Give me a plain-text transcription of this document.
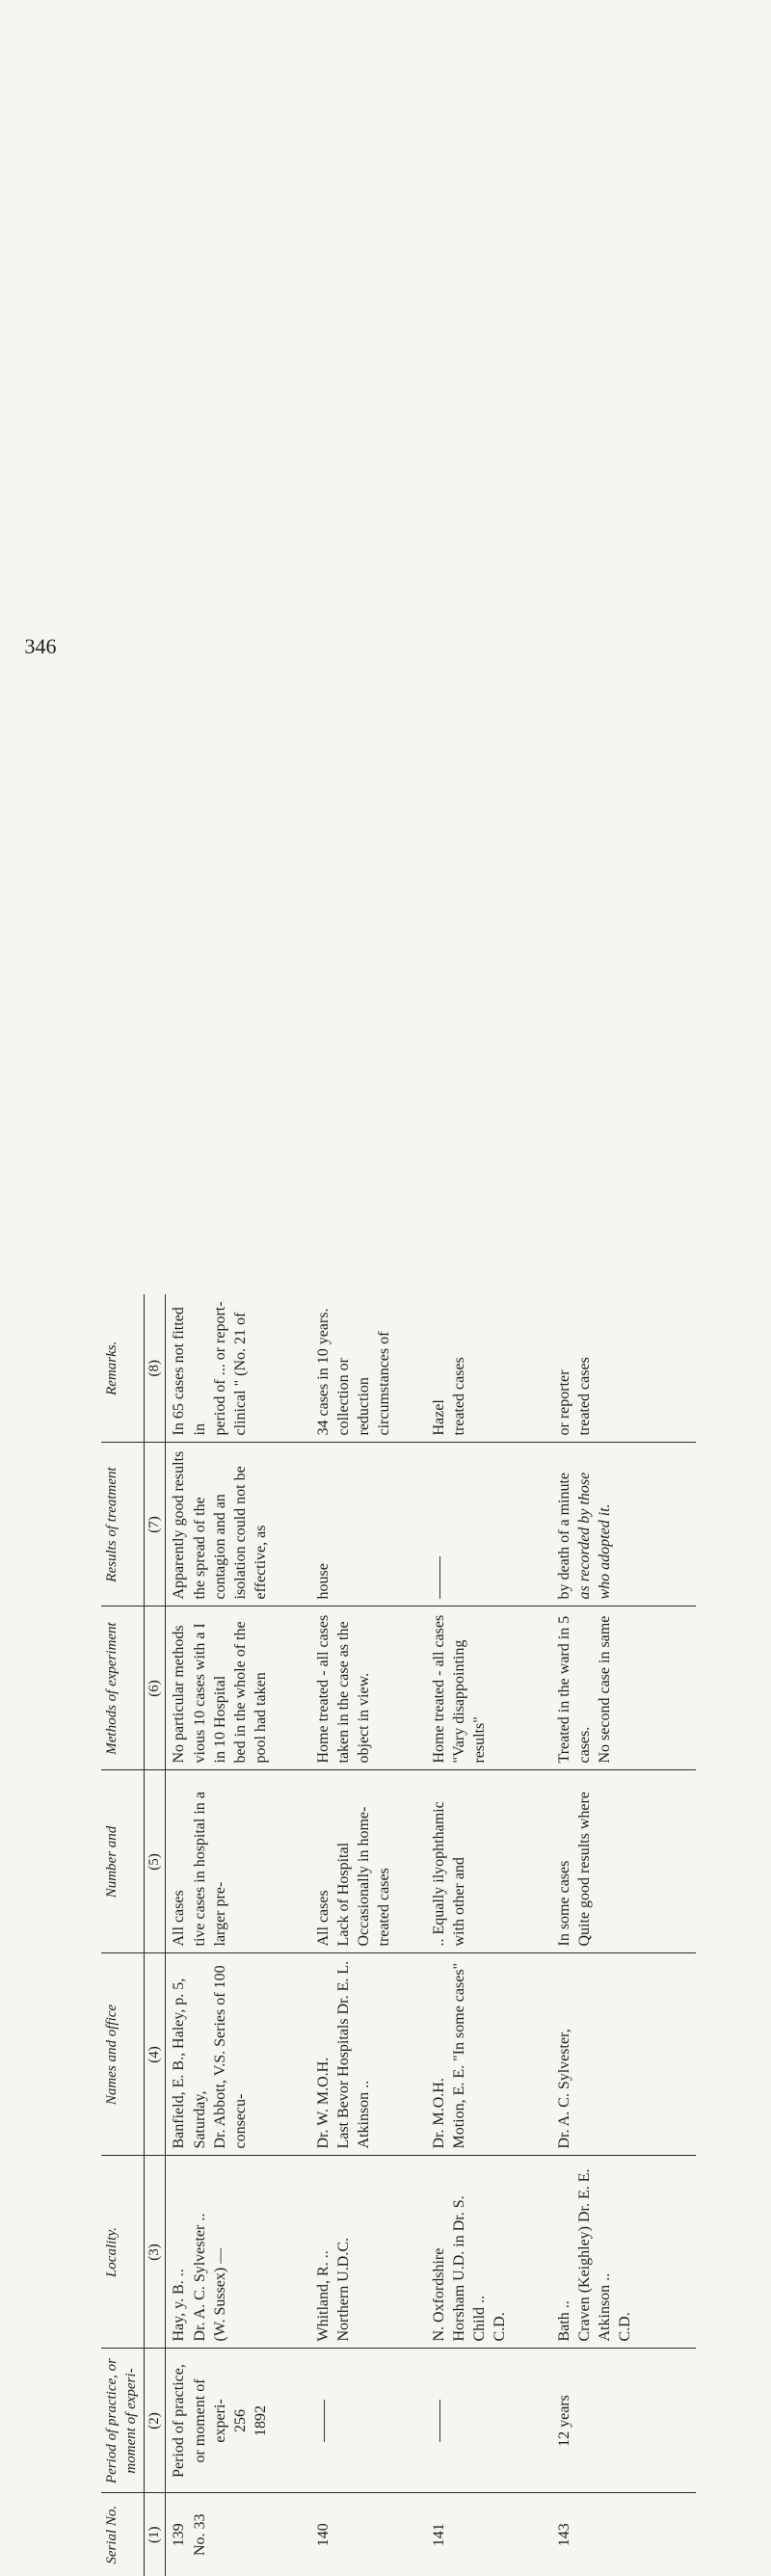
346
Serial No.	Period of practice, or moment of experi-	Locality.	Names and office	Number and	Methods of experiment	Results of treatment	Remarks.
(1)	(2)	(3)	(4)	(5)	(6)	(7)	(8)

139 No. 33	Period of practice, or moment of experi- 256 1892	Hay, y. B. .. Dr. A. C. Sylvester .. (W. Sussex) —	Banfield, E. B., Haley, p. 5, Saturday, Dr. Abbott, V.S. Series of 100 consecu-	All cases tive cases in hospital in a larger pre-	No particular methods vious 10 cases with a I in 10 Hospital bed in the whole of the pool had taken	Apparently good results the spread of the contagion and an isolation could not be effective, as	In 65 cases not fitted in period of ... or report- clinical " (No. 21 of

140		Whitland, R. .. Northern U.D.C.	Dr. W. M.O.H. Last Bevor Hospitals Dr. E. L. Atkinson ..	All cases Lack of Hospital Occasionally in home- treated cases	Home treated - all cases taken in the case as the object in view.	house	34 cases in 10 years. collection or reduction circumstances of

141		N. Oxfordshire Horsham U.D. in Dr. S. Child .. C.D.	Dr. M.O.H. Motion, E. E. "In some cases"	.. Equally ilyophthamic with other and	Home treated - all cases "Vary disappointing results"		Hazel treated cases

143	12 years	Bath .. Craven (Keighley) Dr. E. E. Atkinson .. C.D.	Dr. A. C. Sylvester,	In some cases Quite good results where	Treated in the ward in 5 cases. No second case in same	by death of a minute as recorded by those who adopted it.	or reporter treated cases
